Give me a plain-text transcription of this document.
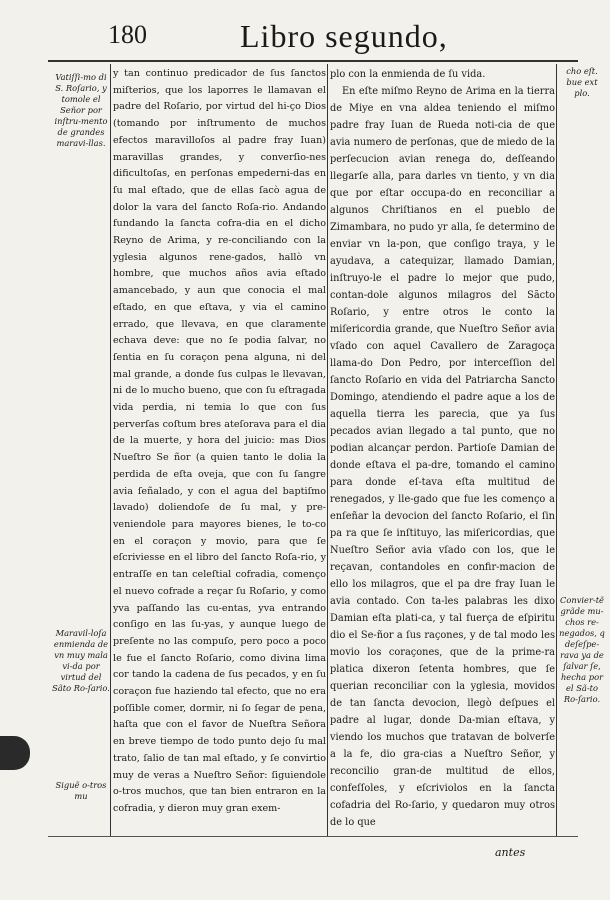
180	Libro segundo,
Vatiſſi-mo di S. Roſario, y tomole el Señor por inſtru-mento de grandes maravi-llas.
Maravil-loſa enmienda de vn muy mala vi-da por virtud del Sãto Ro-ſario.
Siguẽ o-tros mu
cho eſt. bue ext plo.
Convier-tẽ grãde mu-chos re-negados, q deſeſpe-rava ya de ſalvar ſe, hecha por el Sã-to Ro-ſario.

y tan continuo predicador de ſus ſanctos miſterios, que los laporres le llamavan el padre del Roſario, por virtud del hi-ço Dios (tomando por inſtrumento de muchos efectos maravilloſos al padre fray Iuan) maravillas grandes, y converſio-nes dificultoſas, en perſonas empederni-das en ſu mal eſtado, que de ellas ſacò agua de dolor la vara del ſancto Roſa-rio. Andando fundando la ſancta cofra-dia en el dicho Reyno de Arima, y re-conciliando con la yglesia algunos rene-gados, hallò vn hombre, que muchos años avia eſtado amancebado, y aun que conocia el mal eſtado, en que eſtava, y via el camino errado, que llevava, en que claramente echava deve: que no ſe podia ſalvar, no ſentia en ſu coraçon pena alguna, ni del mal grande, a donde ſus culpas le llevavan, ni de lo mucho bueno, que con ſu eſtragada vida perdia, ni temia lo que con ſus perverſas coſtum bres ateſorava para el dia de la muerte, y hora del juicio: mas Dios Nueſtro Se ñor (a quien tanto le dolia la perdida de eſta oveja, que con ſu ſangre avia ſeñalado, y con el agua del baptiſmo lavado) doliendoſe de ſu mal, y pre-veniendole para mayores bienes, le to-co en el coraçon y movio, para que ſe eſcriviesse en el libro del ſancto Roſa-rio, y entraſſe en tan celeſtial cofradia, començo el nuevo cofrade a reçar ſu Roſario, y como yva paſſando las cu-entas, yva entrando conſigo en las ſu-yas, y aunque luego de preſente no las compuſo, pero poco a poco le fue el ſancto Roſario, como divina lima cor tando la cadena de ſus pecados, y en ſu coraçon fue haziendo tal efecto, que no era poſſible comer, dormir, ni ſo ſegar de pena, haſta que con el favor de Nueſtra Señora en breve tiempo de todo punto dejo ſu mal trato, ſalio de tan mal eſtado, y ſe convirtio muy de veras a Nueſtro Señor: ſiguiendole o-tros muchos, que tan bien entraron en la cofradia, y dieron muy gran exem-

plo con la enmienda de ſu vida.

En eſte miſmo Reyno de Arima en la tierra de Miye en vna aldea teniendo el miſmo padre fray Iuan de Rueda noti-cia de que avia numero de perſonas, que de miedo de la perſecucion avian renega do, deſſeando llegarſe alla, para darles vn tiento, y vn dia que por eſtar occupa-do en reconciliar a algunos Chriſtianos en el pueblo de Zimambara, no pudo yr alla, ſe determino de enviar vn la-pon, que conſigo traya, y le ayudava, a catequizar, llamado Damian, inſtruyo-le el padre lo mejor que pudo, contan-dole algunos milagros del Sãcto Roſario, y entre otros le conto la miſericordia grande, que Nueſtro Señor avia vſado con aquel Cavallero de Zaragoça llama-do Don Pedro, por interceſſion del ſancto Roſario en vida del Patriarcha Sancto Domingo, atendiendo el padre aque a los de aquella tierra les parecia, que ya ſus pecados avian llegado a tal punto, que no podian alcançar perdon. Partioſe Damian de donde eſtava el pa-dre, tomando el camino para donde eſ-tava eſta multitud de renegados, y lle-gado que fue les començo a enſeñar la devocion del ſancto Roſario, el ſin pa ra que ſe inſtituyo, las miſericordias, que Nueſtro Señor avia vſado con los, que le reçavan, contandoles en confir-macion de ello los milagros, que el pa dre fray Iuan le avia contado. Con ta-les palabras les dixo Damian eſta plati-ca, y tal fuerça de eſpiritu dio el Se-ñor a ſus raçones, y de tal modo les movio los coraçones, que de la prime-ra platica dixeron ſetenta hombres, que ſe querian reconciliar con la yglesia, movidos de tan ſancta devocion, llegò deſpues el padre al lugar, donde Da-mian eſtava, y viendo los muchos que tratavan de bolverſe a la fe, dio gra-cias a Nueſtro Señor, y reconcilio gran-de multitud de ellos, confeſſoles, y eſcriviolos en la ſancta cofadria del Ro-ſario, y quedaron muy otros de lo que

antes
